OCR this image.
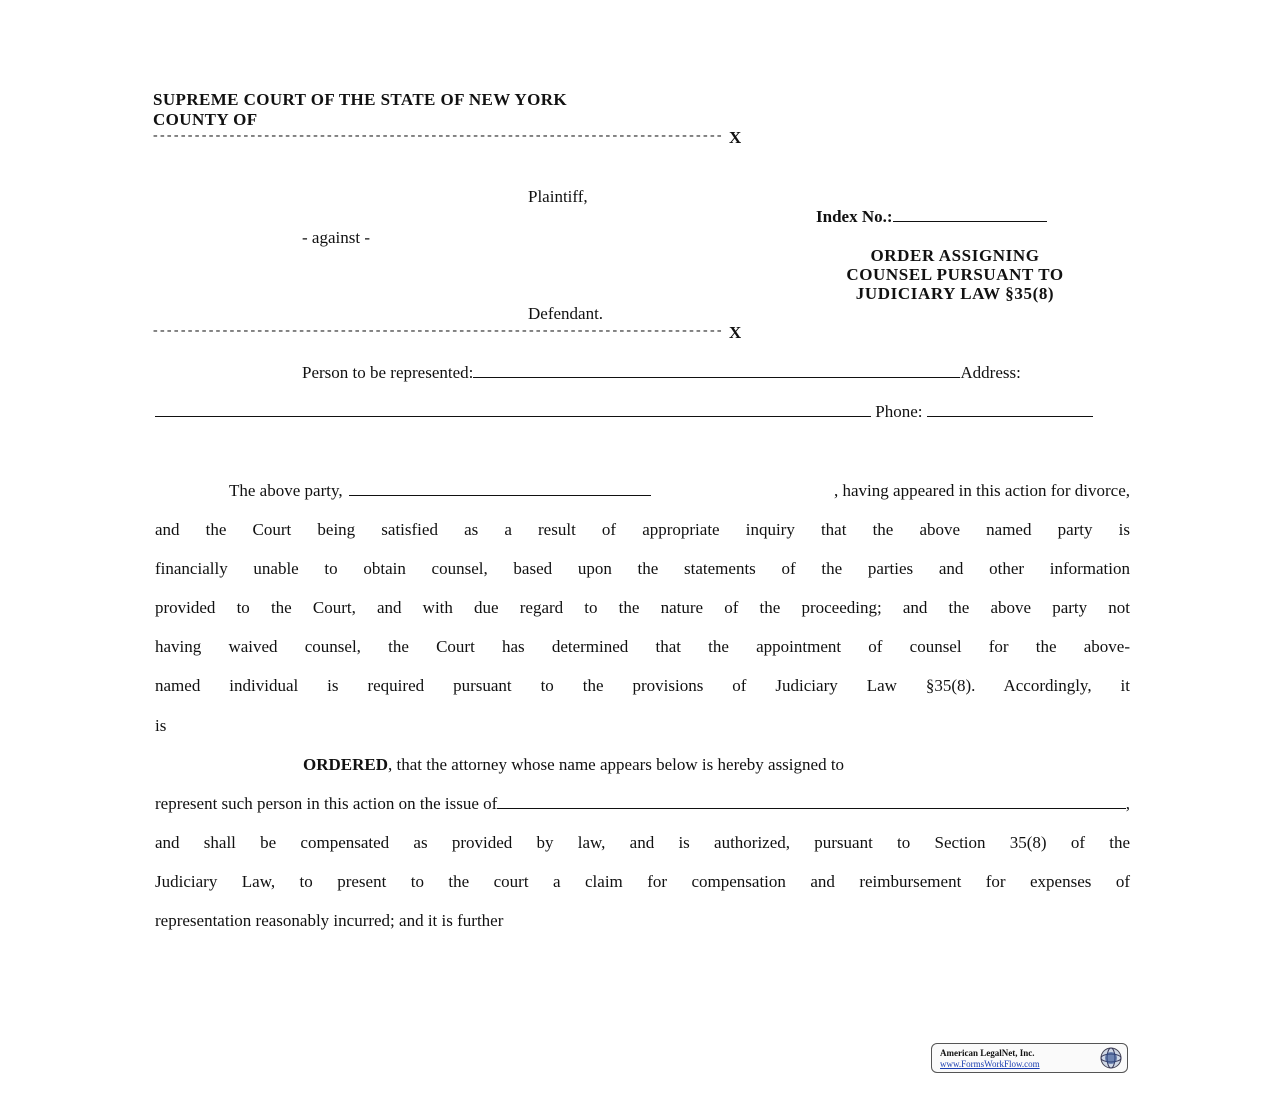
SUPREME COURT OF THE STATE OF NEW YORK
COUNTY OF
- - - - - - - - - - - - - - - - - - - - - - - - - - - - - - - - - - - - - - - - - - - - - - - - - - - - - - - - - - - - - - - - - - - - - - - - - - - - - - - - - - X
Plaintiff,
- against -
Defendant.
- - - - - - - - - - - - - - - - - - - - - - - - - - - - - - - - - - - - - - - - - - - - - - - - - - - - - - - - - - - - - - - - - - - - - - - - - - - - - - - - - - X
Index No.:
ORDER ASSIGNING
COUNSEL PURSUANT TO
JUDICIARY LAW §35(8)
Person to be represented:	Address:
Phone:
The above party,	, having appeared in this action for divorce,
and the Court being satisfied as a result of appropriate inquiry that the above named party is
financially unable to obtain counsel, based upon the statements of the parties and other information
provided to the Court, and with due regard to the nature of the proceeding; and the above party not
having waived counsel, the Court has determined that the appointment of counsel for the above-
named individual is required pursuant to the provisions of Judiciary Law §35(8). Accordingly, it
is
ORDERED, that the attorney whose name appears below is hereby assigned to
represent such person in this action on the issue of	,
and shall be compensated as provided by law, and is authorized, pursuant to Section 35(8) of the
Judiciary Law, to present to the court a claim for compensation and reimbursement for expenses of
representation reasonably incurred; and it is further
American LegalNet, Inc.
www.FormsWorkFlow.com
